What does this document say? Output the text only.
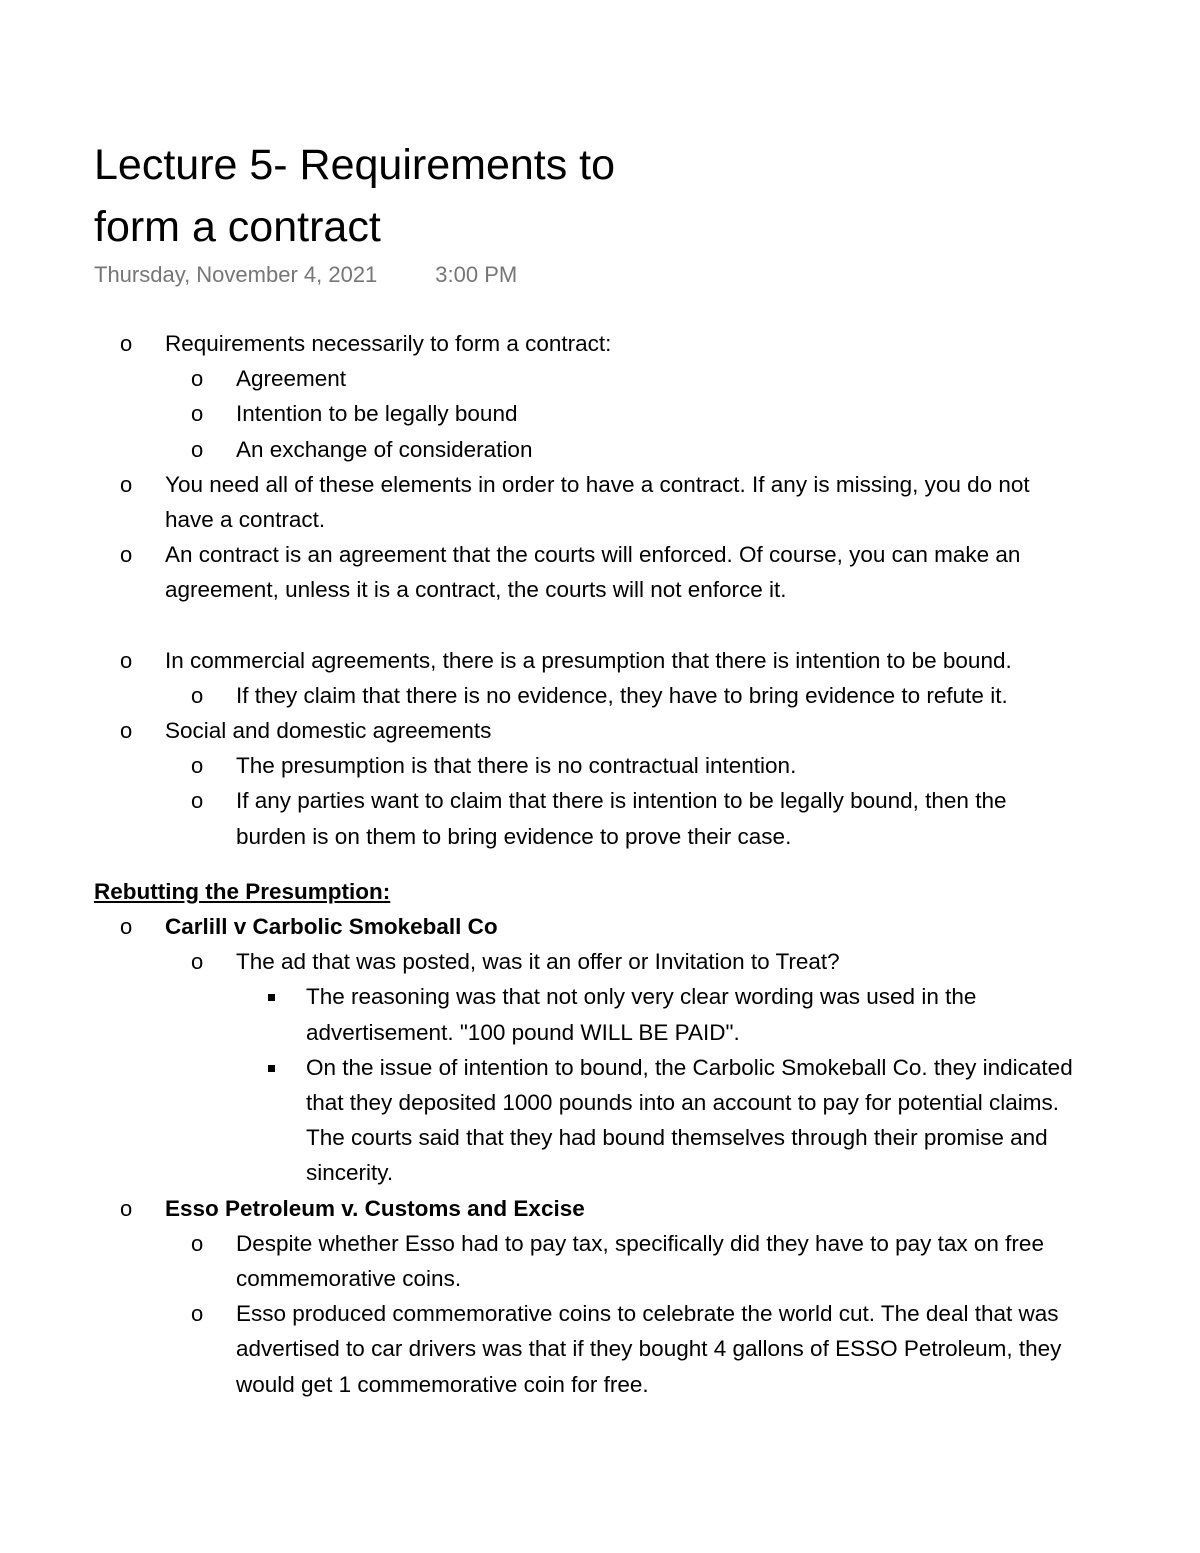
Lecture 5- Requirements to
form a contract
Thursday, November 4, 2021	3:00 PM
o Requirements necessarily to form a contract:
o Agreement
o Intention to be legally bound
o An exchange of consideration
o You need all of these elements in order to have a contract. If any is missing, you do not
have a contract.
o An contract is an agreement that the courts will enforced. Of course, you can make an
agreement, unless it is a contract, the courts will not enforce it.
o In commercial agreements, there is a presumption that there is intention to be bound.
o If they claim that there is no evidence, they have to bring evidence to refute it.
o Social and domestic agreements
o The presumption is that there is no contractual intention.
o If any parties want to claim that there is intention to be legally bound, then the
burden is on them to bring evidence to prove their case.
Rebutting the Presumption:
o Carlill v Carbolic Smokeball Co
o The ad that was posted, was it an offer or Invitation to Treat?
The reasoning was that not only very clear wording was used in the
advertisement. "100 pound WILL BE PAID".
On the issue of intention to bound, the Carbolic Smokeball Co. they indicated
that they deposited 1000 pounds into an account to pay for potential claims.
The courts said that they had bound themselves through their promise and
sincerity.
o Esso Petroleum v. Customs and Excise
o Despite whether Esso had to pay tax, specifically did they have to pay tax on free
commemorative coins.
o Esso produced commemorative coins to celebrate the world cut. The deal that was
advertised to car drivers was that if they bought 4 gallons of ESSO Petroleum, they
would get 1 commemorative coin for free.
